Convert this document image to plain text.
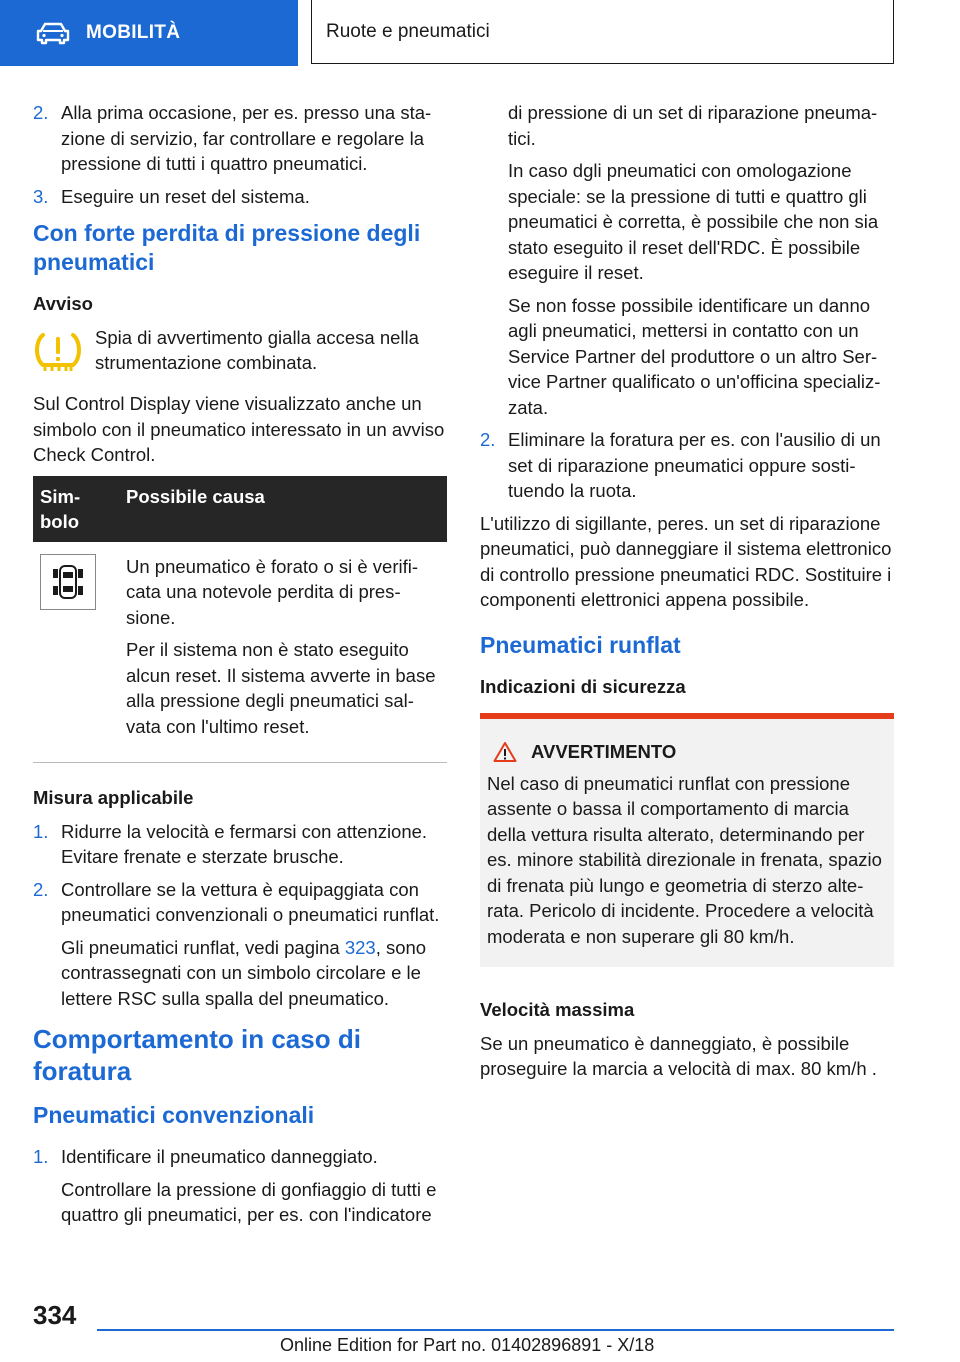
MOBILITÀ	Ruote e pneumatici
2. Alla prima occasione, per es. presso una stazione di servizio, far controllare e regolare la pressione di tutti i quattro pneumatici.
3. Eseguire un reset del sistema.
Con forte perdita di pressione degli pneumatici
Avviso
Spia di avvertimento gialla accesa nella strumentazione combinata.

Sul Control Display viene visualizzato anche un simbolo con il pneumatico interessato in un avviso Check Control.

Simbolo	Possibile causa

Un pneumatico è forato o si è verificata una notevole perdita di pressione.

Per il sistema non è stato eseguito alcun reset. Il sistema avverte in base alla pressione degli pneumatici salvata con l'ultimo reset.

Misura applicabile
1. Ridurre la velocità e fermarsi con attenzione. Evitare frenate e sterzate brusche.
2. Controllare se la vettura è equipaggiata con pneumatici convenzionali o pneumatici runflat.

Gli pneumatici runflat, vedi pagina 323, sono contrassegnati con un simbolo circolare e le lettere RSC sulla spalla del pneumatico.

Comportamento in caso di foratura
Pneumatici convenzionali
1. Identificare il pneumatico danneggiato.

Controllare la pressione di gonfiaggio di tutti e quattro gli pneumatici, per es. con l'indicatore

di pressione di un set di riparazione pneumatici.

In caso dgli pneumatici con omologazione speciale: se la pressione di tutti e quattro gli pneumatici è corretta, è possibile che non sia stato eseguito il reset dell'RDC. È possibile eseguire il reset.

Se non fosse possibile identificare un danno agli pneumatici, mettersi in contatto con un Service Partner del produttore o un altro Service Partner qualificato o un'officina specializzata.

2. Eliminare la foratura per es. con l'ausilio di un set di riparazione pneumatici oppure sostituendo la ruota.

L'utilizzo di sigillante, peres. un set di riparazione pneumatici, può danneggiare il sistema elettronico di controllo pressione pneumatici RDC. Sostituire i componenti elettronici appena possibile.

Pneumatici runflat
Indicazioni di sicurezza
AVVERTIMENTO
Nel caso di pneumatici runflat con pressione assente o bassa il comportamento di marcia della vettura risulta alterato, determinando per es. minore stabilità direzionale in frenata, spazio di frenata più lungo e geometria di sterzo alterata. Pericolo di incidente. Procedere a velocità moderata e non superare gli 80 km/h.
Velocità massima

Se un pneumatico è danneggiato, è possibile proseguire la marcia a velocità di max. 80 km/h .

334
Online Edition for Part no. 01402896891 - X/18
